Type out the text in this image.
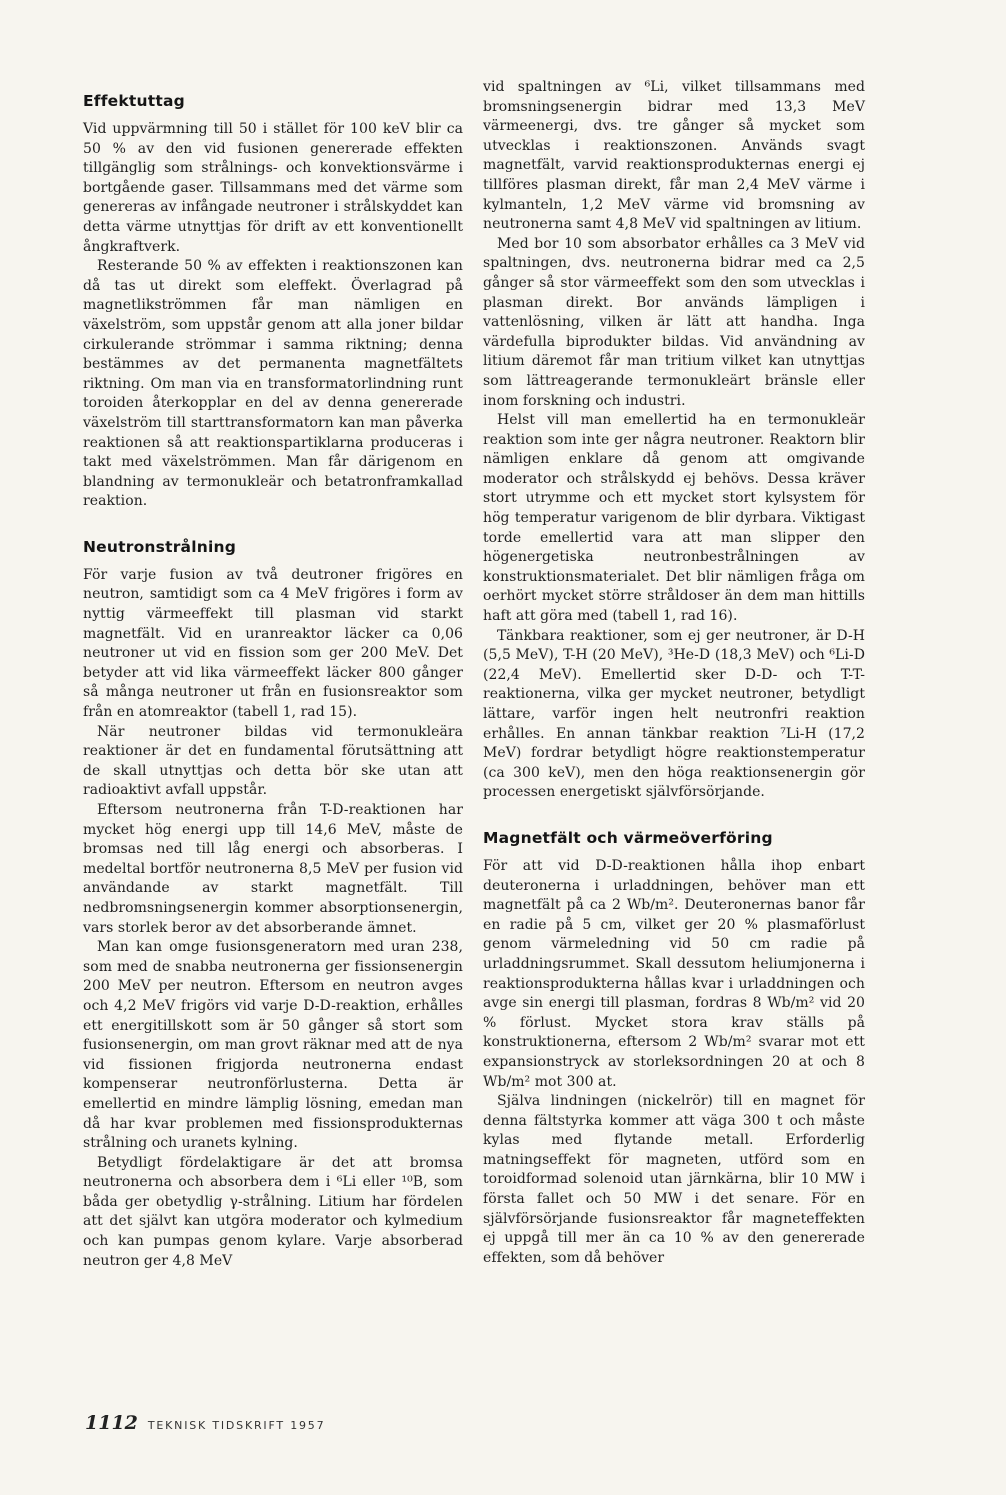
Effektuttag

Vid uppvärmning till 50 i stället för 100 keV blir ca 50 % av den vid fusionen genererade effekten tillgänglig som strålnings- och konvektionsvärme i bortgående gaser. Tillsammans med det värme som genereras av infångade neutroner i strålskyddet kan detta värme utnyttjas för drift av ett konventionellt ångkraftverk.

Resterande 50 % av effekten i reaktionszonen kan då tas ut direkt som eleffekt. Överlagrad på magnetlikströmmen får man nämligen en växelström, som uppstår genom att alla joner bildar cirkulerande strömmar i samma riktning; denna bestämmes av det permanenta magnetfältets riktning. Om man via en transformatorlindning runt toroiden återkopplar en del av denna genererade växelström till starttransformatorn kan man påverka reaktionen så att reaktionspartiklarna produceras i takt med växelströmmen. Man får därigenom en blandning av termonukleär och betatronframkallad reaktion.

Neutronstrålning

För varje fusion av två deutroner frigöres en neutron, samtidigt som ca 4 MeV frigöres i form av nyttig värmeeffekt till plasman vid starkt magnetfält. Vid en uranreaktor läcker ca 0,06 neutroner ut vid en fission som ger 200 MeV. Det betyder att vid lika värmeeffekt läcker 800 gånger så många neutroner ut från en fusionsreaktor som från en atomreaktor (tabell 1, rad 15).

När neutroner bildas vid termonukleära reaktioner är det en fundamental förutsättning att de skall utnyttjas och detta bör ske utan att radioaktivt avfall uppstår.

Eftersom neutronerna från T-D-reaktionen har mycket hög energi upp till 14,6 MeV, måste de bromsas ned till låg energi och absorberas. I medeltal bortför neutronerna 8,5 MeV per fusion vid användande av starkt magnetfält. Till nedbromsningsenergin kommer absorptionsenergin, vars storlek beror av det absorberande ämnet.

Man kan omge fusionsgeneratorn med uran 238, som med de snabba neutronerna ger fissionsenergin 200 MeV per neutron. Eftersom en neutron avges och 4,2 MeV frigörs vid varje D-D-reaktion, erhålles ett energitillskott som är 50 gånger så stort som fusionsenergin, om man grovt räknar med att de nya vid fissionen frigjorda neutronerna endast kompenserar neutronförlusterna. Detta är emellertid en mindre lämplig lösning, emedan man då har kvar problemen med fissionsprodukternas strålning och uranets kylning.

Betydligt fördelaktigare är det att bromsa neutronerna och absorbera dem i ⁶Li eller ¹⁰B, som båda ger obetydlig γ-strålning. Litium har fördelen att det självt kan utgöra moderator och kylmedium och kan pumpas genom kylare. Varje absorberad neutron ger 4,8 MeV

vid spaltningen av ⁶Li, vilket tillsammans med bromsningsenergin bidrar med 13,3 MeV värmeenergi, dvs. tre gånger så mycket som utvecklas i reaktionszonen. Används svagt magnetfält, varvid reaktionsprodukternas energi ej tillföres plasman direkt, får man 2,4 MeV värme i kylmanteln, 1,2 MeV värme vid bromsning av neutronerna samt 4,8 MeV vid spaltningen av litium.

Med bor 10 som absorbator erhålles ca 3 MeV vid spaltningen, dvs. neutronerna bidrar med ca 2,5 gånger så stor värmeeffekt som den som utvecklas i plasman direkt. Bor används lämpligen i vattenlösning, vilken är lätt att handha. Inga värdefulla biprodukter bildas. Vid användning av litium däremot får man tritium vilket kan utnyttjas som lättreagerande termonukleärt bränsle eller inom forskning och industri.

Helst vill man emellertid ha en termonukleär reaktion som inte ger några neutroner. Reaktorn blir nämligen enklare då genom att omgivande moderator och strålskydd ej behövs. Dessa kräver stort utrymme och ett mycket stort kylsystem för hög temperatur varigenom de blir dyrbara. Viktigast torde emellertid vara att man slipper den högenergetiska neutronbestrålningen av konstruktionsmaterialet. Det blir nämligen fråga om oerhört mycket större stråldoser än dem man hittills haft att göra med (tabell 1, rad 16).

Tänkbara reaktioner, som ej ger neutroner, är D-H (5,5 MeV), T-H (20 MeV), ³He-D (18,3 MeV) och ⁶Li-D (22,4 MeV). Emellertid sker D-D- och T-T-reaktionerna, vilka ger mycket neutroner, betydligt lättare, varför ingen helt neutronfri reaktion erhålles. En annan tänkbar reaktion ⁷Li-H (17,2 MeV) fordrar betydligt högre reaktionstemperatur (ca 300 keV), men den höga reaktionsenergin gör processen energetiskt självförsörjande.

Magnetfält och värmeöverföring

För att vid D-D-reaktionen hålla ihop enbart deuteronerna i urladdningen, behöver man ett magnetfält på ca 2 Wb/m². Deuteronernas banor får en radie på 5 cm, vilket ger 20 % plasmaförlust genom värmeledning vid 50 cm radie på urladdningsrummet. Skall dessutom heliumjonerna i reaktionsprodukterna hållas kvar i urladdningen och avge sin energi till plasman, fordras 8 Wb/m² vid 20 % förlust. Mycket stora krav ställs på konstruktionerna, eftersom 2 Wb/m² svarar mot ett expansionstryck av storleksordningen 20 at och 8 Wb/m² mot 300 at.

Själva lindningen (nickelrör) till en magnet för denna fältstyrka kommer att väga 300 t och måste kylas med flytande metall. Erforderlig matningseffekt för magneten, utförd som en toroidformad solenoid utan järnkärna, blir 10 MW i första fallet och 50 MW i det senare. För en självförsörjande fusionsreaktor får magneteffekten ej uppgå till mer än ca 10 % av den genererade effekten, som då behöver

1112 TEKNISK TIDSKRIFT 1957
